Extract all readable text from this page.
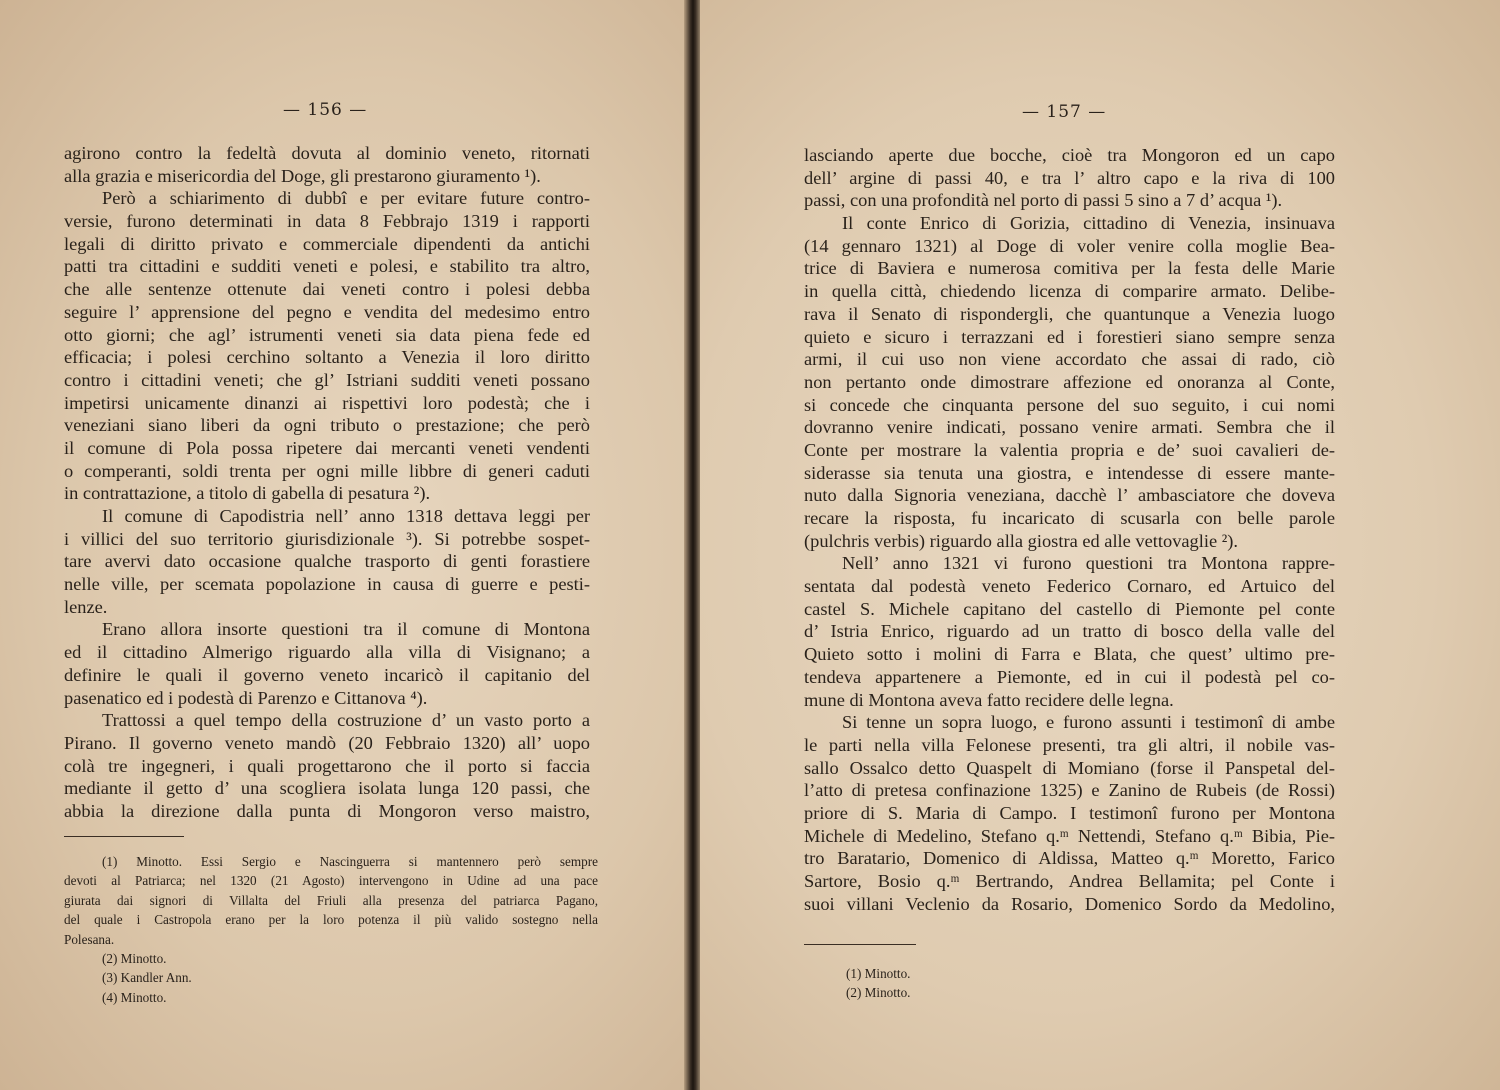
— 156 —
agirono contro la fedeltà dovuta al dominio veneto, ritornati
alla grazia e misericordia del Doge, gli prestarono giuramento ¹).
Però a schiarimento di dubbî e per evitare future contro-
versie, furono determinati in data 8 Febbrajo 1319 i rapporti
legali di diritto privato e commerciale dipendenti da antichi
patti tra cittadini e sudditi veneti e polesi, e stabilito tra altro,
che alle sentenze ottenute dai veneti contro i polesi debba
seguire l’ apprensione del pegno e vendita del medesimo entro
otto giorni; che agl’ istrumenti veneti sia data piena fede ed
efficacia; i polesi cerchino soltanto a Venezia il loro diritto
contro i cittadini veneti; che gl’ Istriani sudditi veneti possano
impetirsi unicamente dinanzi ai rispettivi loro podestà; che i
veneziani siano liberi da ogni tributo o prestazione; che però
il comune di Pola possa ripetere dai mercanti veneti vendenti
o comperanti, soldi trenta per ogni mille libbre di generi caduti
in contrattazione, a titolo di gabella di pesatura ²).
Il comune di Capodistria nell’ anno 1318 dettava leggi per
i villici del suo territorio giurisdizionale ³). Si potrebbe sospet-
tare avervi dato occasione qualche trasporto di genti forastiere
nelle ville, per scemata popolazione in causa di guerre e pesti-
lenze.
Erano allora insorte questioni tra il comune di Montona
ed il cittadino Almerigo riguardo alla villa di Visignano; a
definire le quali il governo veneto incaricò il capitanio del
pasenatico ed i podestà di Parenzo e Cittanova ⁴).
Trattossi a quel tempo della costruzione d’ un vasto porto a
Pirano. Il governo veneto mandò (20 Febbraio 1320) all’ uopo
colà tre ingegneri, i quali progettarono che il porto si faccia
mediante il getto d’ una scogliera isolata lunga 120 passi, che
abbia la direzione dalla punta di Mongoron verso maistro,
(1) Minotto. Essi Sergio e Nascinguerra si mantennero però sempre
devoti al Patriarca; nel 1320 (21 Agosto) intervengono in Udine ad una pace
giurata dai signori di Villalta del Friuli alla presenza del patriarca Pagano,
del quale i Castropola erano per la loro potenza il più valido sostegno nella
Polesana.
(2) Minotto.
(3) Kandler Ann.
(4) Minotto.
— 157 —
lasciando aperte due bocche, cioè tra Mongoron ed un capo
dell’ argine di passi 40, e tra l’ altro capo e la riva di 100
passi, con una profondità nel porto di passi 5 sino a 7 d’ acqua ¹).
Il conte Enrico di Gorizia, cittadino di Venezia, insinuava
(14 gennaro 1321) al Doge di voler venire colla moglie Bea-
trice di Baviera e numerosa comitiva per la festa delle Marie
in quella città, chiedendo licenza di comparire armato. Delibe-
rava il Senato di rispondergli, che quantunque a Venezia luogo
quieto e sicuro i terrazzani ed i forestieri siano sempre senza
armi, il cui uso non viene accordato che assai di rado, ciò
non pertanto onde dimostrare affezione ed onoranza al Conte,
si concede che cinquanta persone del suo seguito, i cui nomi
dovranno venire indicati, possano venire armati. Sembra che il
Conte per mostrare la valentia propria e de’ suoi cavalieri de-
siderasse sia tenuta una giostra, e intendesse di essere mante-
nuto dalla Signoria veneziana, dacchè l’ ambasciatore che doveva
recare la risposta, fu incaricato di scusarla con belle parole
(pulchris verbis) riguardo alla giostra ed alle vettovaglie ²).
Nell’ anno 1321 vi furono questioni tra Montona rappre-
sentata dal podestà veneto Federico Cornaro, ed Artuico del
castel S. Michele capitano del castello di Piemonte pel conte
d’ Istria Enrico, riguardo ad un tratto di bosco della valle del
Quieto sotto i molini di Farra e Blata, che quest’ ultimo pre-
tendeva appartenere a Piemonte, ed in cui il podestà pel co-
mune di Montona aveva fatto recidere delle legna.
Si tenne un sopra luogo, e furono assunti i testimonî di ambe
le parti nella villa Felonese presenti, tra gli altri, il nobile vas-
sallo Ossalco detto Quaspelt di Momiano (forse il Panspetal del-
l’atto di pretesa confinazione 1325) e Zanino de Rubeis (de Rossi)
priore di S. Maria di Campo. I testimonî furono per Montona
Michele di Medelino, Stefano q.ᵐ Nettendi, Stefano q.ᵐ Bibia, Pie-
tro Baratario, Domenico di Aldissa, Matteo q.ᵐ Moretto, Farico
Sartore, Bosio q.ᵐ Bertrando, Andrea Bellamita; pel Conte i
suoi villani Veclenio da Rosario, Domenico Sordo da Medolino,
(1) Minotto.
(2) Minotto.
